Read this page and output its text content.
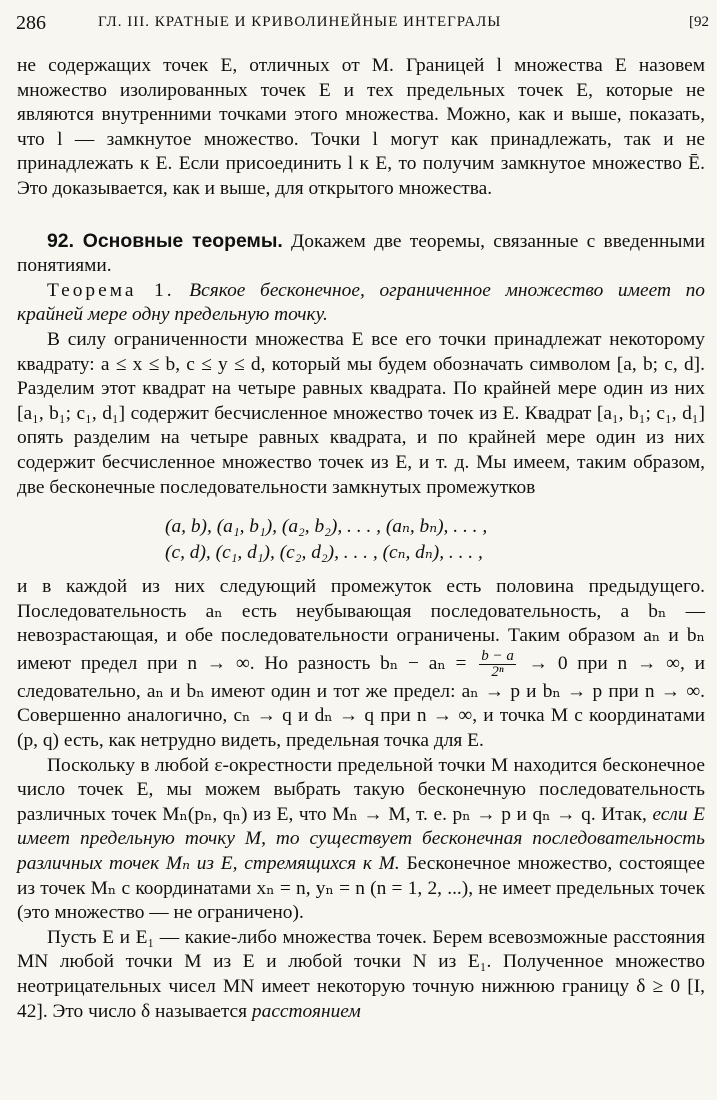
286	ГЛ. III. КРАТНЫЕ И КРИВОЛИНЕЙНЫЕ ИНТЕГРАЛЫ	[92

не содержащих точек E, отличных от M. Границей l множества E назовем множество изолированных точек E и тех предельных точек E, которые не являются внутренними точками этого множества. Можно, как и выше, показать, что l — замкнутое множество. Точки l могут как принадлежать, так и не принадлежать к E. Если присоединить l к E, то получим замкнутое множество Ē. Это доказывается, как и выше, для открытого множества.

92. Основные теоремы. Докажем две теоремы, связанные с введенными понятиями.

Теорема 1. Всякое бесконечное, ограниченное множество имеет по крайней мере одну предельную точку.

В силу ограниченности множества E все его точки принадлежат некоторому квадрату: a ≤ x ≤ b, c ≤ y ≤ d, который мы будем обозначать символом [a, b; c, d]. Разделим этот квадрат на четыре равных квадрата. По крайней мере один из них [a₁, b₁; c₁, d₁] содержит бесчисленное множество точек из E. Квадрат [a₁, b₁; c₁, d₁] опять разделим на четыре равных квадрата, и по крайней мере один из них содержит бесчисленное множество точек из E, и т. д. Мы имеем, таким образом, две бесконечные последовательности замкнутых промежутков

(a, b), (a₁, b₁), (a₂, b₂), . . . , (aₙ, bₙ), . . . ,
(c, d), (c₁, d₁), (c₂, d₂), . . . , (cₙ, dₙ), . . . ,

и в каждой из них следующий промежуток есть половина предыдущего. Последовательность aₙ есть неубывающая последовательность, а bₙ — невозрастающая, и обе последовательности ограничены. Таким образом aₙ и bₙ имеют предел при n → ∞. Но разность $b_n - a_n = \frac{b - a}{\text{2ⁿ}} \to 0$ при n → ∞, и следовательно, aₙ и bₙ имеют один и тот же предел: aₙ → p и bₙ → p при n → ∞. Совершенно аналогично, cₙ → q и dₙ → q при n → ∞, и точка M с координатами (p, q) есть, как нетрудно видеть, предельная точка для E.

Поскольку в любой ε-окрестности предельной точки M находится бесконечное число точек E, мы можем выбрать такую бесконечную последовательность различных точек Mₙ(pₙ, qₙ) из E, что Mₙ → M, т. е. pₙ → p и qₙ → q. Итак, если E имеет предельную точку M, то существует бесконечная последовательность различных точек Mₙ из E, стремящихся к M. Бесконечное множество, состоящее из точек Mₙ с координатами xₙ = n, yₙ = n (n = 1, 2, ...), не имеет предельных точек (это множество — не ограничено).

Пусть E и E₁ — какие-либо множества точек. Берем всевозможные расстояния MN любой точки M из E и любой точки N из E₁. Полученное множество неотрицательных чисел MN имеет некоторую точную нижнюю границу δ ≥ 0 [I, 42]. Это число δ называется расстоянием
